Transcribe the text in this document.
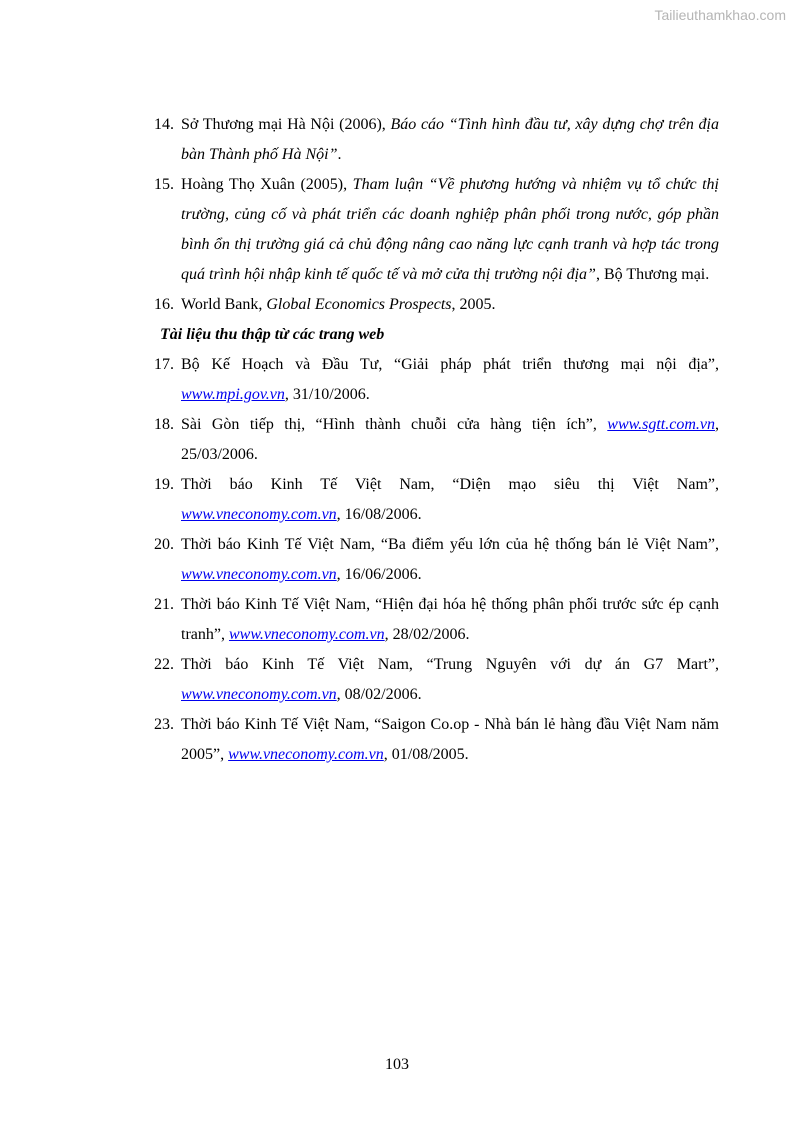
Tailieuthamkhao.com
14. Sở Thương mại Hà Nội (2006), Báo cáo “Tình hình đầu tư, xây dựng chợ trên địa bàn Thành phố Hà Nội”.
15. Hoàng Thọ Xuân (2005), Tham luận “Về phương hướng và nhiệm vụ tổ chức thị trường, củng cố và phát triển các doanh nghiệp phân phối trong nước, góp phần bình ổn thị trường giá cả chủ động nâng cao năng lực cạnh tranh và hợp tác trong quá trình hội nhập kinh tế quốc tế và mở cửa thị trường nội địa”, Bộ Thương mại.
16. World Bank, Global Economics Prospects, 2005.
Tài liệu thu thập từ các trang web
17. Bộ Kế Hoạch và Đầu Tư, “Giải pháp phát triển thương mại nội địa”, www.mpi.gov.vn, 31/10/2006.
18. Sài Gòn tiếp thị, “Hình thành chuỗi cửa hàng tiện ích”, www.sgtt.com.vn, 25/03/2006.
19. Thời báo Kinh Tế Việt Nam, “Diện mạo siêu thị Việt Nam”, www.vneconomy.com.vn, 16/08/2006.
20. Thời báo Kinh Tế Việt Nam, “Ba điểm yếu lớn của hệ thống bán lẻ Việt Nam”, www.vneconomy.com.vn, 16/06/2006.
21. Thời báo Kinh Tế Việt Nam, “Hiện đại hóa hệ thống phân phối trước sức ép cạnh tranh”, www.vneconomy.com.vn, 28/02/2006.
22. Thời báo Kinh Tế Việt Nam, “Trung Nguyên với dự án G7 Mart”, www.vneconomy.com.vn, 08/02/2006.
23. Thời báo Kinh Tế Việt Nam, “Saigon Co.op - Nhà bán lẻ hàng đầu Việt Nam năm 2005”, www.vneconomy.com.vn, 01/08/2005.
103
